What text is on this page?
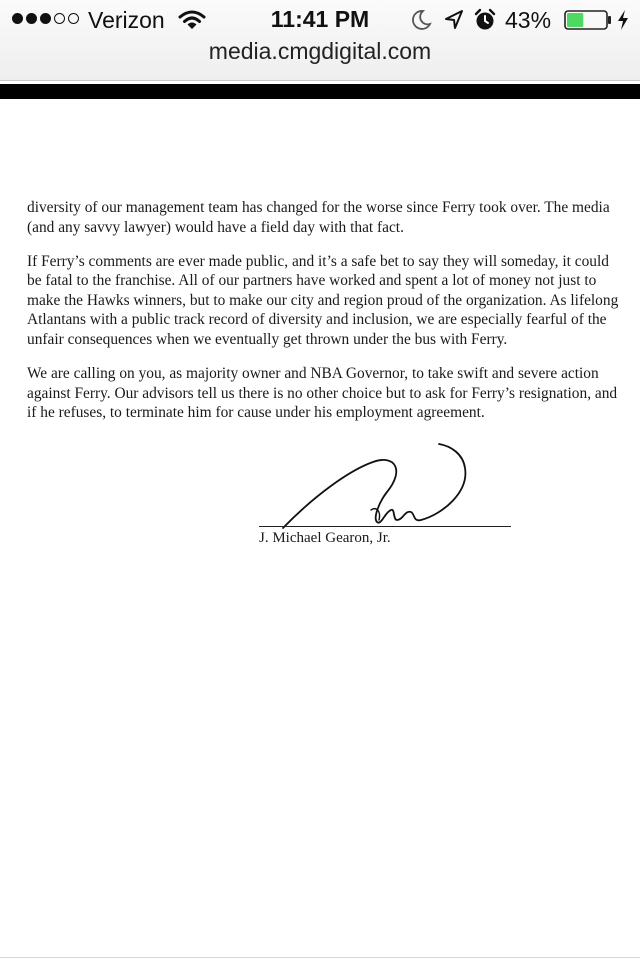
Verizon	11:41 PM	43%
media.cmgdigital.com

diversity of our management team has changed for the worse since Ferry took over. The media
(and any savvy lawyer) would have a field day with that fact.

If Ferry’s comments are ever made public, and it’s a safe bet to say they will someday, it could
be fatal to the franchise. All of our partners have worked and spent a lot of money not just to
make the Hawks winners, but to make our city and region proud of the organization. As lifelong
Atlantans with a public track record of diversity and inclusion, we are especially fearful of the
unfair consequences when we eventually get thrown under the bus with Ferry.

We are calling on you, as majority owner and NBA Governor, to take swift and severe action
against Ferry. Our advisors tell us there is no other choice but to ask for Ferry’s resignation, and
if he refuses, to terminate him for cause under his employment agreement.

J. Michael Gearon, Jr.
